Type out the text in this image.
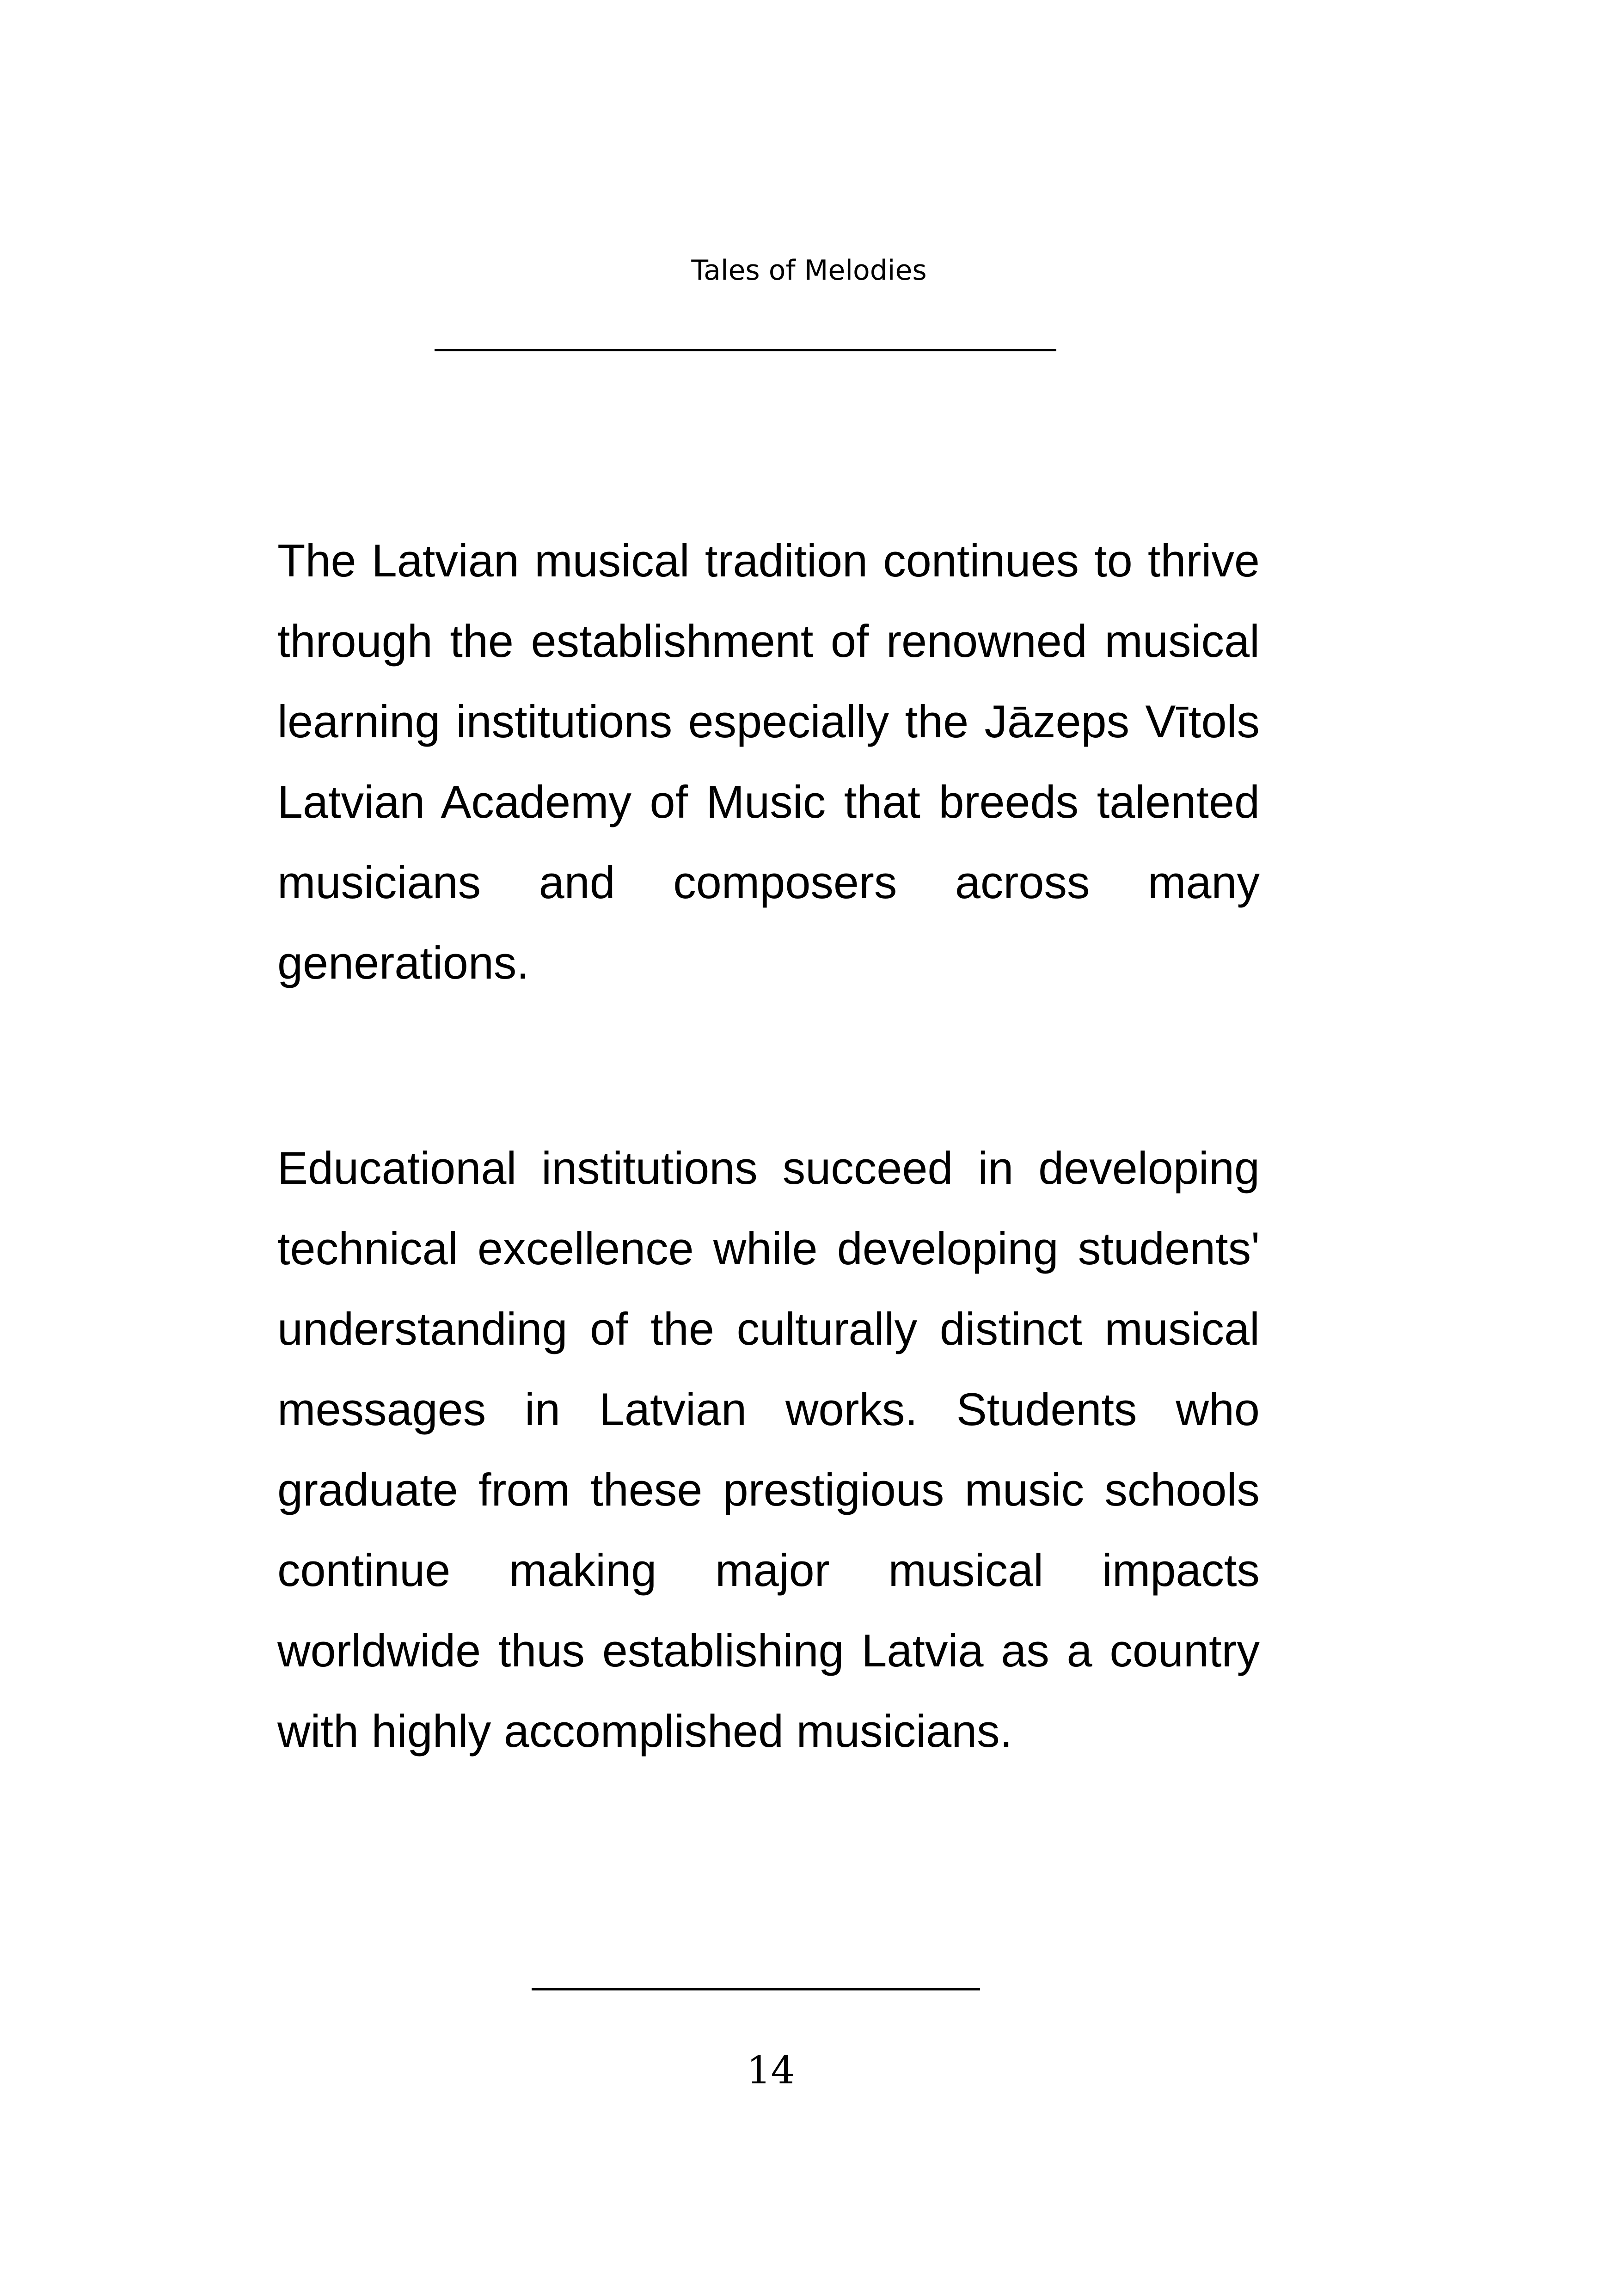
Tales of Melodies

The Latvian musical tradition continues to thrive through the establishment of renowned musical learning institutions especially the Jāzeps Vītols Latvian Academy of Music that breeds talented musicians and composers across many generations.

Educational institutions succeed in developing technical excellence while developing students' understanding of the culturally distinct musical messages in Latvian works. Students who graduate from these prestigious music schools continue making major musical impacts worldwide thus establishing Latvia as a country with highly accomplished musicians.

14
